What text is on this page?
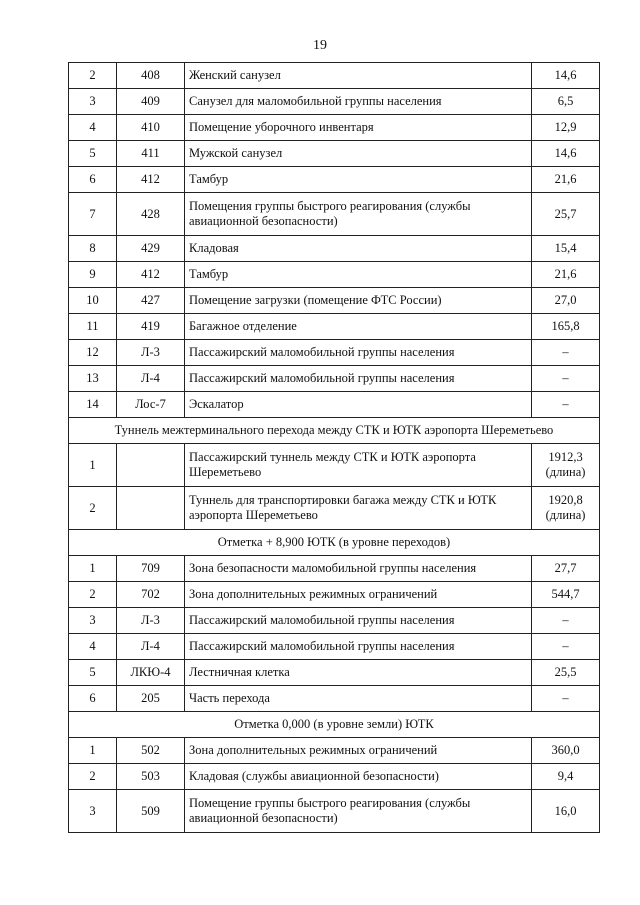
19
2	408	Женский санузел	14,6
3	409	Санузел для маломобильной группы населения	6,5
4	410	Помещение уборочного инвентаря	12,9
5	411	Мужской санузел	14,6
6	412	Тамбур	21,6
7	428	Помещения группы быстрого реагирования (службы авиационной безопасности)	25,7
8	429	Кладовая	15,4
9	412	Тамбур	21,6
10	427	Помещение загрузки (помещение ФТС России)	27,0
11	419	Багажное отделение	165,8
12	Л-3	Пассажирский маломобильной группы населения	–
13	Л-4	Пассажирский маломобильной группы населения	–
14	Лос-7	Эскалатор	–
Туннель межтерминального перехода между СТК и ЮТК аэропорта Шереметьево			
1		Пассажирский туннель между СТК и ЮТК аэропорта Шереметьево	1912,3 (длина)
2		Туннель для транспортировки багажа между СТК и ЮТК аэропорта Шереметьево	1920,8 (длина)
Отметка + 8,900 ЮТК (в уровне переходов)			
1	709	Зона безопасности маломобильной группы населения	27,7
2	702	Зона дополнительных режимных ограничений	544,7
3	Л-3	Пассажирский маломобильной группы населения	–
4	Л-4	Пассажирский маломобильной группы населения	–
5	ЛКЮ-4	Лестничная клетка	25,5
6	205	Часть перехода	–
Отметка 0,000 (в уровне земли) ЮТК			
1	502	Зона дополнительных режимных ограничений	360,0
2	503	Кладовая (службы авиационной безопасности)	9,4
3	509	Помещение группы быстрого реагирования (службы авиационной безопасности)	16,0
